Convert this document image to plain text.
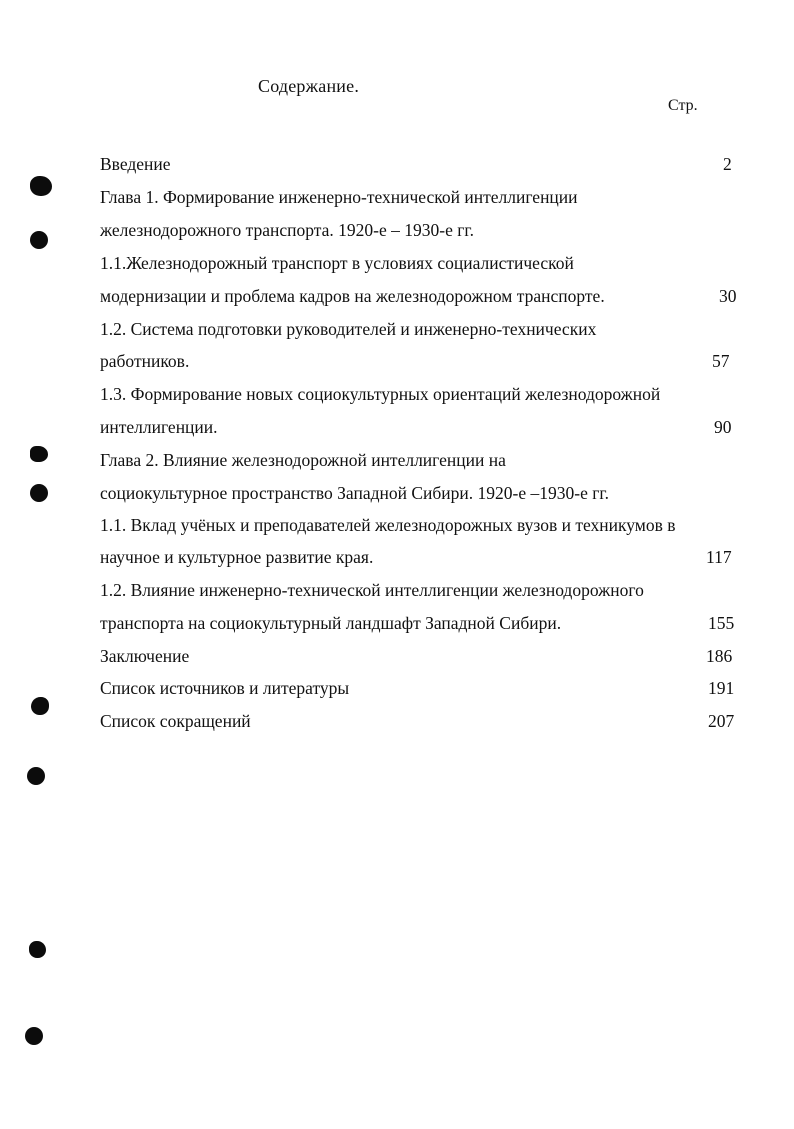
Содержание.
Стр.
Введение	2
Глава 1. Формирование инженерно-технической интеллигенции
железнодорожного транспорта. 1920-е – 1930-е гг.
1.1.Железнодорожный транспорт в условиях социалистической
модернизации и проблема кадров на железнодорожном транспорте.	30
1.2. Система подготовки руководителей и инженерно-технических
работников.	57
1.3. Формирование новых социокультурных ориентаций железнодорожной
интеллигенции.	90
Глава 2. Влияние железнодорожной интеллигенции на
социокультурное пространство Западной Сибири. 1920-е –1930-е гг.
1.1. Вклад учёных и преподавателей железнодорожных вузов и техникумов в
научное и культурное развитие края.	117
1.2. Влияние инженерно-технической интеллигенции железнодорожного
транспорта на социокультурный ландшафт Западной Сибири.	155
Заключение	186
Список источников и литературы	191
Список сокращений	207
